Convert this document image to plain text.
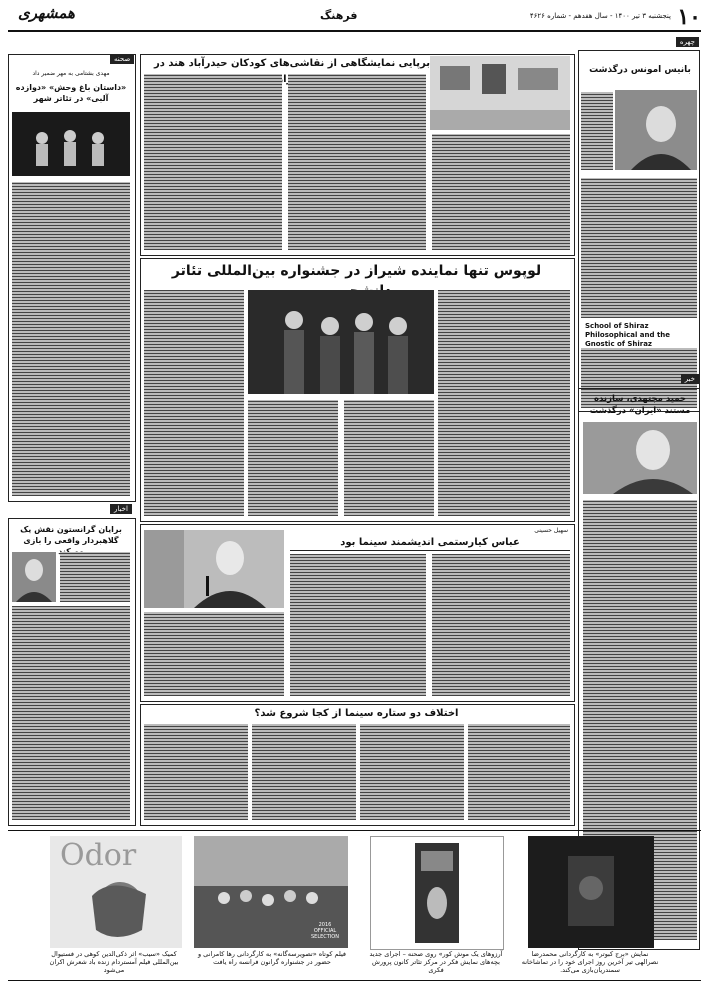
۱۰
پنجشنبه ۳ تیر ۱۴۰۰ - سال هفدهم - شماره ۴۶۲۶
فرهنگ
همشهری
چهره
بانیس امونس درگذشت
School of Shiraz Philosophical and the Gnostic of Shiraz
خبر
حمید مجتهدی، سازنده مستند «ایران» درگذشت
برپایی نمایشگاهی از نقاشی‌های کودکان حیدرآباد هند در
صحنه
مهدی بشتامی به مهر ضمیر داد
«داستان باغ وحش» «دوازده آلبی» در تئاتر شهر
اخبار
برایان گرانستون نقش یک گلاهبردار واقعی را بازی
لوپوس تنها نماینده شیراز در جشنواره بین‌المللی تئاتر
سهیل حسینی
عباس کیارستمی اندیشمند سینما بود
اختلاف دو ستاره سینما از کجا شروع شد؟
Odor
2016 OFFICIAL SELECTION
نمایش «برج کبوتر» به کارگردانی محمدرضا نصرالهی تیر آخرین روز اجرای خود را در تماشاخانه سمندریان‌بازی می‌کند.
آرزوهای یک موش کور» روی صحنه – اجرای جدید بچه‌های نمایش فکر در مرکز تئاتر کانون پرورش فکری
فیلم کوتاه «تصویرسه‌گانه» به کارگردانی رها کامرانی و حضور در جشنواره گرانون فرانسه راه یافت
کمیک «سیب» اثر ذکی‌الدین کوهی در فستیوال بین‌المللی فیلم آمستردام زنده باد شعرش اکران می‌شود
